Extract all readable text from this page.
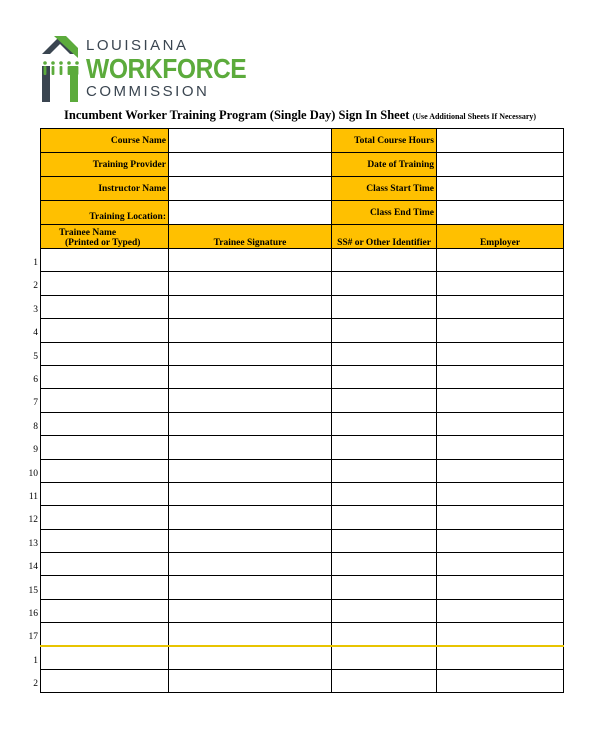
LOUISIANA
WORKFORCE
COMMISSION
Incumbent Worker Training Program (Single Day) Sign In Sheet (Use Additional Sheets If Necessary)
Course Name		Total Course Hours	
Training Provider		Date of Training	
Instructor Name		Class Start Time	
Training Location:		Class End Time	

Trainee Name
(Printed or Typed)	Trainee Signature	SS# or Other Identifier	Employer

1
2
3
4
5
6
7
8
9
10
11
12
13
14
15
16
17
1
2
